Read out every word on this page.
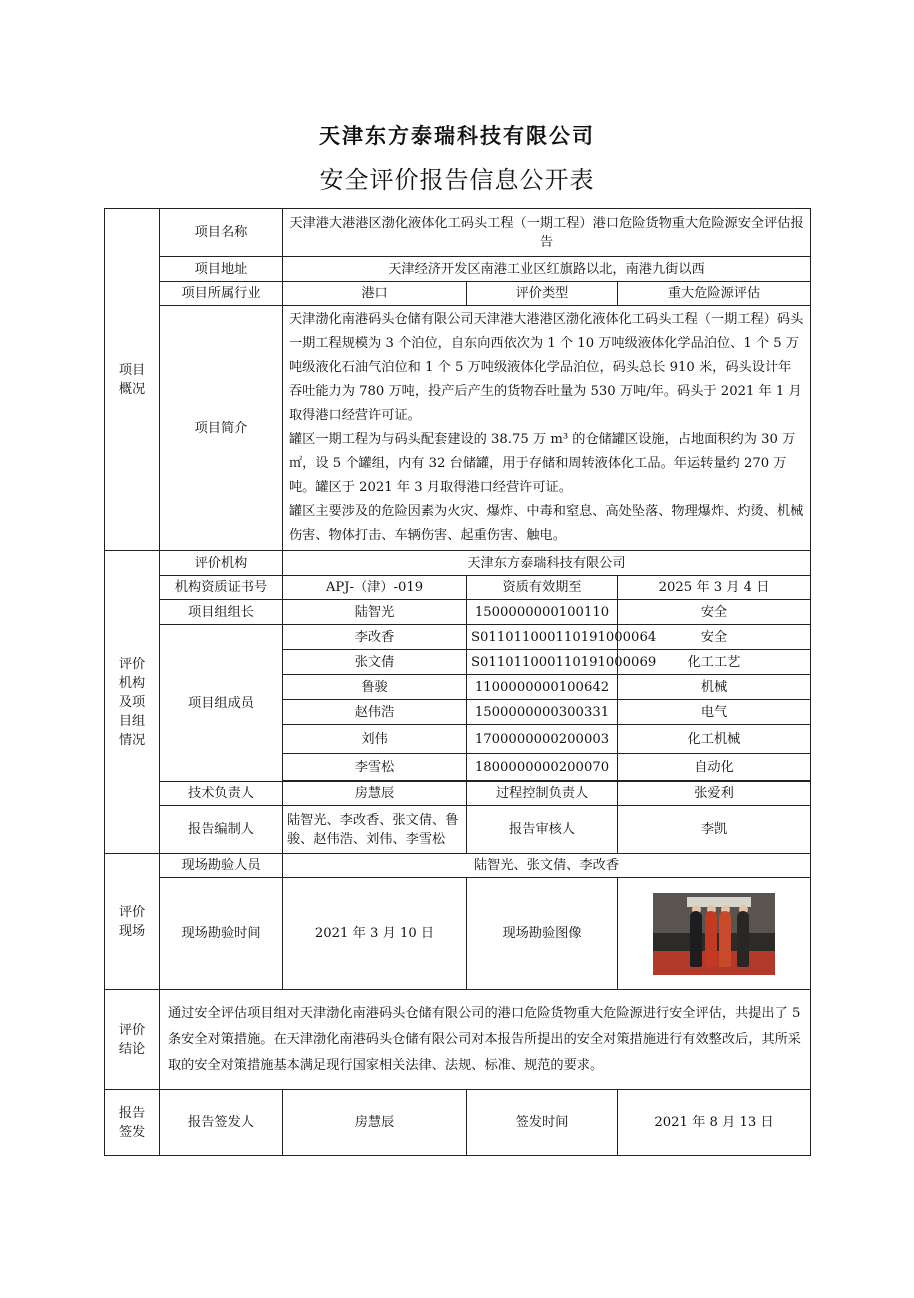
天津东方泰瑞科技有限公司
安全评价报告信息公开表
项目
概况	项目名称	天津港大港港区渤化液体化工码头工程（一期工程）港口危险货物重大危险源安全评估报告		
	项目地址	天津经济开发区南港工业区红旗路以北，南港九街以西		
	项目所属行业	港口	评价类型	重大危险源评估
	项目简介	天津渤化南港码头仓储有限公司天津港大港港区渤化液体化工码头工程（一期工程）码头一期工程规模为 3 个泊位，自东向西依次为 1 个 10 万吨级液体化学品泊位、1 个 5 万吨级液化石油气泊位和 1 个 5 万吨级液体化学品泊位，码头总长 910 米，码头设计年吞吐能力为 780 万吨，投产后产生的货物吞吐量为 530 万吨/年。码头于 2021 年 1 月取得港口经营许可证。

罐区一期工程为与码头配套建设的 38.75 万 m³ 的仓储罐区设施，占地面积约为 30 万 ㎡，设 5 个罐组，内有 32 台储罐，用于存储和周转液体化工品。年运转量约 270 万吨。罐区于 2021 年 3 月取得港口经营许可证。

罐区主要涉及的危险因素为火灾、爆炸、中毒和窒息、高处坠落、物理爆炸、灼烫、机械伤害、物体打击、车辆伤害、起重伤害、触电。		

评价
机构
及项
目组
情况	评价机构	天津东方泰瑞科技有限公司		
	机构资质证书号	APJ-（津）-019	资质有效期至	2025 年 3 月 4 日
	项目组组长	陆智光	1500000000100110	安全
	项目组成员	李改香	S011011000110191000064	安全
		张文倩	S011011000110191000069	化工工艺
		鲁骏	1100000000100642	机械
		赵伟浩	1500000000300331	电气
		刘伟	1700000000200003	化工机械
		李雪松	1800000000200070	自动化

	技术负责人	房慧辰	过程控制负责人	张爱利
	报告编制人	陆智光、李改香、张文倩、鲁骏、赵伟浩、刘伟、李雪松	报告审核人	李凯
评价
现场	现场勘验人员	陆智光、张文倩、李改香		
	现场勘验时间	2021 年 3 月 10 日	现场勘验图像	

评价
结论	通过安全评估项目组对天津渤化南港码头仓储有限公司的港口危险货物重大危险源进行安全评估，共提出了 5 条安全对策措施。在天津渤化南港码头仓储有限公司对本报告所提出的安全对策措施进行有效整改后，其所采取的安全对策措施基本满足现行国家相关法律、法规、标准、规范的要求。			
报告
签发	报告签发人	房慧辰	签发时间	2021 年 8 月 13 日
